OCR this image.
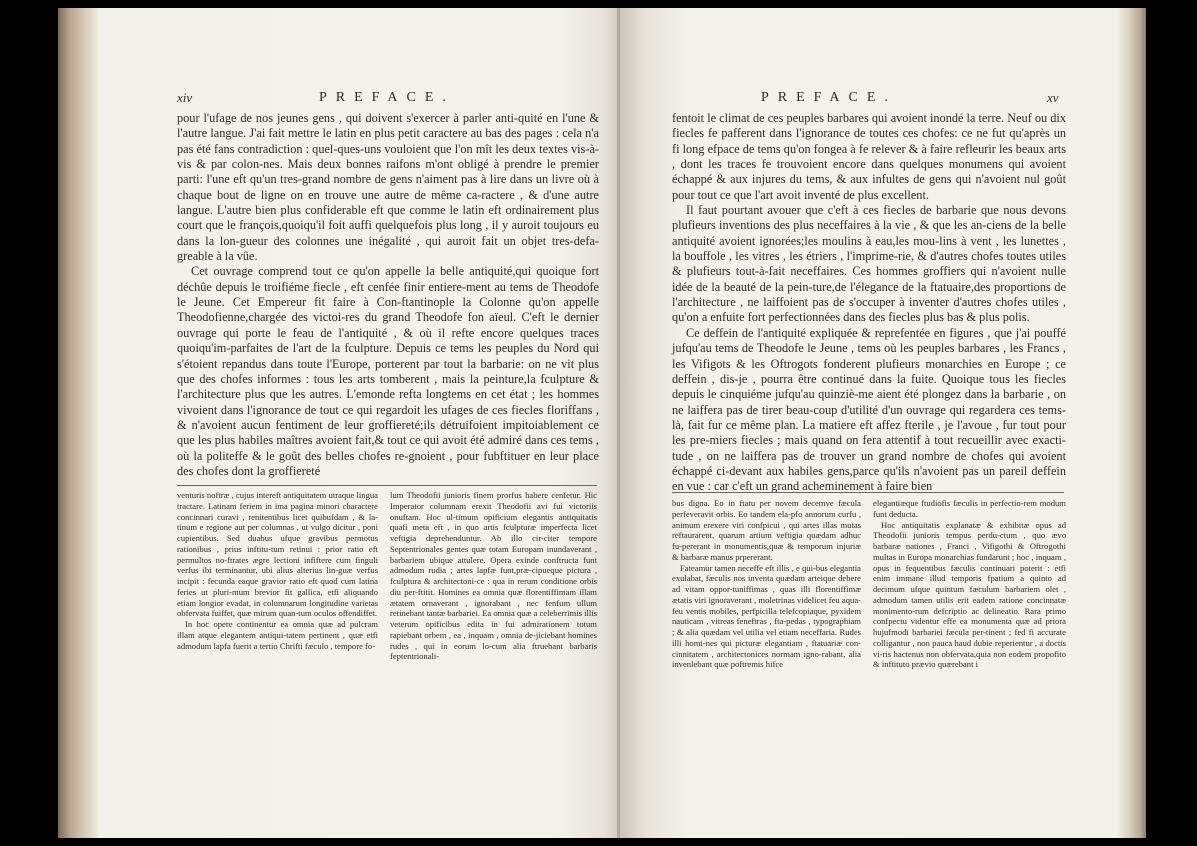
xiv	PREFACE.

pour l'ufage de nos jeunes gens , qui doivent s'exercer à parler anti-quité en l'une & l'autre langue. J'ai fait mettre le latin en plus petit caractere au bas des pages : cela n'a pas été fans contradiction : quel-ques-uns vouloient que l'on mît les deux textes vis-à-vis & par colon-nes. Mais deux bonnes raifons m'ont obligé à prendre le premier parti: l'une eft qu'un tres-grand nombre de gens n'aiment pas à lire dans un livre où à chaque bout de ligne on en trouve une autre de même ca-ractere , & d'une autre langue. L'autre bien plus confiderable eft que comme le latin eft ordinairement plus court que le françois,quoiqu'il foit auffi quelquefois plus long , il y auroit toujours eu dans la lon-gueur des colonnes une inégalité , qui auroit fait un objet tres-defa-greable à la vûe.

Cet ouvrage comprend tout ce qu'on appelle la belle antiquité,qui quoique fort déchûe depuis le troifiéme fiecle , eft cenfée finir entiere-ment au tems de Theodofe le Jeune. Cet Empereur fit faire à Con-ftantinople la Colonne qu'on appelle Theodofienne,chargée des victoi-res du grand Theodofe fon aïeul. C'eft le dernier ouvrage qui porte le feau de l'antiquité , & où il refte encore quelques traces quoiqu'im-parfaites de l'art de la fculpture. Depuis ce tems les peuples du Nord qui s'étoient repandus dans toute l'Europe, porterent par tout la barbarie: on ne vit plus que des chofes informes : tous les arts tomberent , mais la peinture,la fculpture & l'architecture plus que les autres. L'emonde refta longtems en cet état ; les hommes vivoient dans l'ignorance de tout ce qui regardoit les ufages de ces fiecles floriffans , & n'avoient aucun fentiment de leur groffiereté;ils détruifoient impitoiablement ce que les plus habiles maîtres avoient fait,& tout ce qui avoit été admiré dans ces tems , où la politeffe & le goût des belles chofes re-gnoient , pour fubftituer en leur place des chofes dont la groffiereté

venturis noftræ , cujus intereft antiquitatem utraque lingua tractare. Latinam feriem in ima pagina minori charactere concinnari curavi , renitentibus licet quibufdam , & la-tinum e regione aut per columnas , ut vulgo dicitur , poni cupientibus. Sed duabus ufque gravibus permotus rationibus , prius inftitu-tum retinui : prior ratio eft permultos no-ftrates ægre lectioni infiftere cum finguli verfus ibi terminantur, ubi alius alterius lin-guæ verfus incipit : fecunda eaque gravior ratio eft quod cum latina feries ut pluri-mum brevior fit gallica, etfi aliquando etiam longior evadat, in columnarum longitudine varietas obfervata fuiffet, quæ mirum quan-tum oculos offendiffet.

In hoc opere continentur ea omnia quæ ad pulcram illam atque elegantem antiqui-tatem pertinent , quæ etfi admodum lapfa fuerit a tertio Chrifti fæculo , tempore fo-

lum Theodofii junioris finem prorfus habere cenfetur. Hic Imperator columnam erexit Theodofii avi fui victoriis onuftam. Hoc ul-timum opificium elegantis antiquitatis quafi meta eft , in quo artis fculpturæ imperfecta licet veftigia deprehenduntur. Ab illo cir-citer tempore Septentrionales gentes quæ totam Europam inundaverant , barbariem ubique attulere. Opera exinde conftructa funt admodum rudia ; artes lapfæ funt,præ-cipueque pictura , fculptura & architectoni-ce : qua in rerum conditione orbis diu per-ftitit. Homines ea omnia quæ florentiffimam illam ætatem ornaverant , ignorabant , nec fenfum ullum retinebant tantæ barbariei. Ea omnia quæ a celeberrimis illis veterum opificibus edita in fui admirationem totum rapiebant orbem , ea , inquam , omnia de-jiciebant homines rudes , qui in eorum lo-cum alia ftruebant barbaris feptentrionali-

PREFACE.	xv

fentoit le climat de ces peuples barbares qui avoient inondé la terre. Neuf ou dix fiecles fe pafferent dans l'ignorance de toutes ces chofes: ce ne fut qu'après un fi long efpace de tems qu'on fongea à fe relever & à faire refleurir les beaux arts , dont les traces fe trouvoient encore dans quelques monumens qui avoient échappé & aux injures du tems, & aux infultes de gens qui n'avoient nul goût pour tout ce que l'art avoit inventé de plus excellent.

Il faut pourtant avouer que c'eft à ces fiecles de barbarie que nous devons plufieurs inventions des plus neceffaires à la vie , & que les an-ciens de la belle antiquité avoient ignorées;les moulins à eau,les mou-lins à vent , les lunettes , la bouffole , les vitres , les étriers , l'imprime-rie, & d'autres chofes toutes utiles & plufieurs tout-à-fait neceffaires. Ces hommes groffiers qui n'avoient nulle idée de la beauté de la pein-ture,de l'élegance de la ftatuaire,des proportions de l'architecture , ne laiffoient pas de s'occuper à inventer d'autres chofes utiles , qu'on a enfuite fort perfectionnées dans des fiecles plus bas & plus polis.

Ce deffein de l'antiquité expliquée & reprefentée en figures , que j'ai pouffé jufqu'au tems de Theodofe le Jeune , tems où les peuples barbares , les Francs , les Vifigots & les Oftrogots fonderent plufieurs monarchies en Europe ; ce deffein , dis-je , pourra être continué dans la fuite. Quoique tous les fiecles depuis le cinquiéme jufqu'au quinziè-me aient été plongez dans la barbarie , on ne laiffera pas de tirer beau-coup d'utilité d'un ouvrage qui regardera ces tems-là, fait fur ce même plan. La matiere eft affez fterile , je l'avoue , fur tout pour les pre-miers fiecles ; mais quand on fera attentif à tout recueillir avec exacti-tude , on ne laiffera pas de trouver un grand nombre de chofes qui avoient échappé ci-devant aux habiles gens,parce qu'ils n'avoient pas un pareil deffein en vue : car c'eft un grand acheminement à faire bien

bus digna. Eo in ftatu per novem decemve fæcula perfeveravit orbis. Eo tandem ela-pfo annorum curfu , animum erexere viri confpicui , qui artes illas mutas reftaurarent, quarum artium veftigia quædam adhuc fu-pererant in monumentis,quæ & temporum injuriæ & barbaræ manus prpererant.

Fateamur tamen neceffe eft illis , e qui-bus elegantia exulabat, fæculis nos inventa quædam arteique debere ad vitam oppor-tuniffimas , quas illi florentiffimæ ætatis viri ignoraverant , moletrinas videlicet feu aqua-feu ventis mobiles, perfpicilla telefcopiaque, pyxidem nauticam , vitreas feneftras , fta-pedas , typographiam ; & alia quædam vel utilia vel etiam neceffaria. Rudes illi homi-nes qui picturæ elegantiam , ftatuariæ con-cinnitatem , architectonices normam igno-rabant, alia invenlebant quæ poftremis hifce

elegantiæque ftudiofis fæculis in perfectio-rem modum funt deducta.

Hoc antiquitatis explanatæ & exhibitæ opus ad Theodofii junioris tempus perdu-ctum , quo ævo barbaræ nationes , Franci , Vifigothi & Oftrogothi multas in Europa monarchias fundarunt ; hoc , inquam , opus in fequentibus fæculis continuari poterit : etfi enim immane illud temporis fpatium a quinto ad decimum ufque quintum fæculum barbariem olet , admodum tamen utilis erit eadem ratione concinnatæ monimento-rum defcriptio ac delineatio. Rara primo confpectu videntur effe ea monumenta quæ ad priora hujufmodi barbariei fæcula per-tinent ; fed fi accurate colligantur , non pauca haud dubie reperientur , a doctis vi-ris hactenus non obfervata,quia non eodem propofito & inftituto prævio quærebant i
